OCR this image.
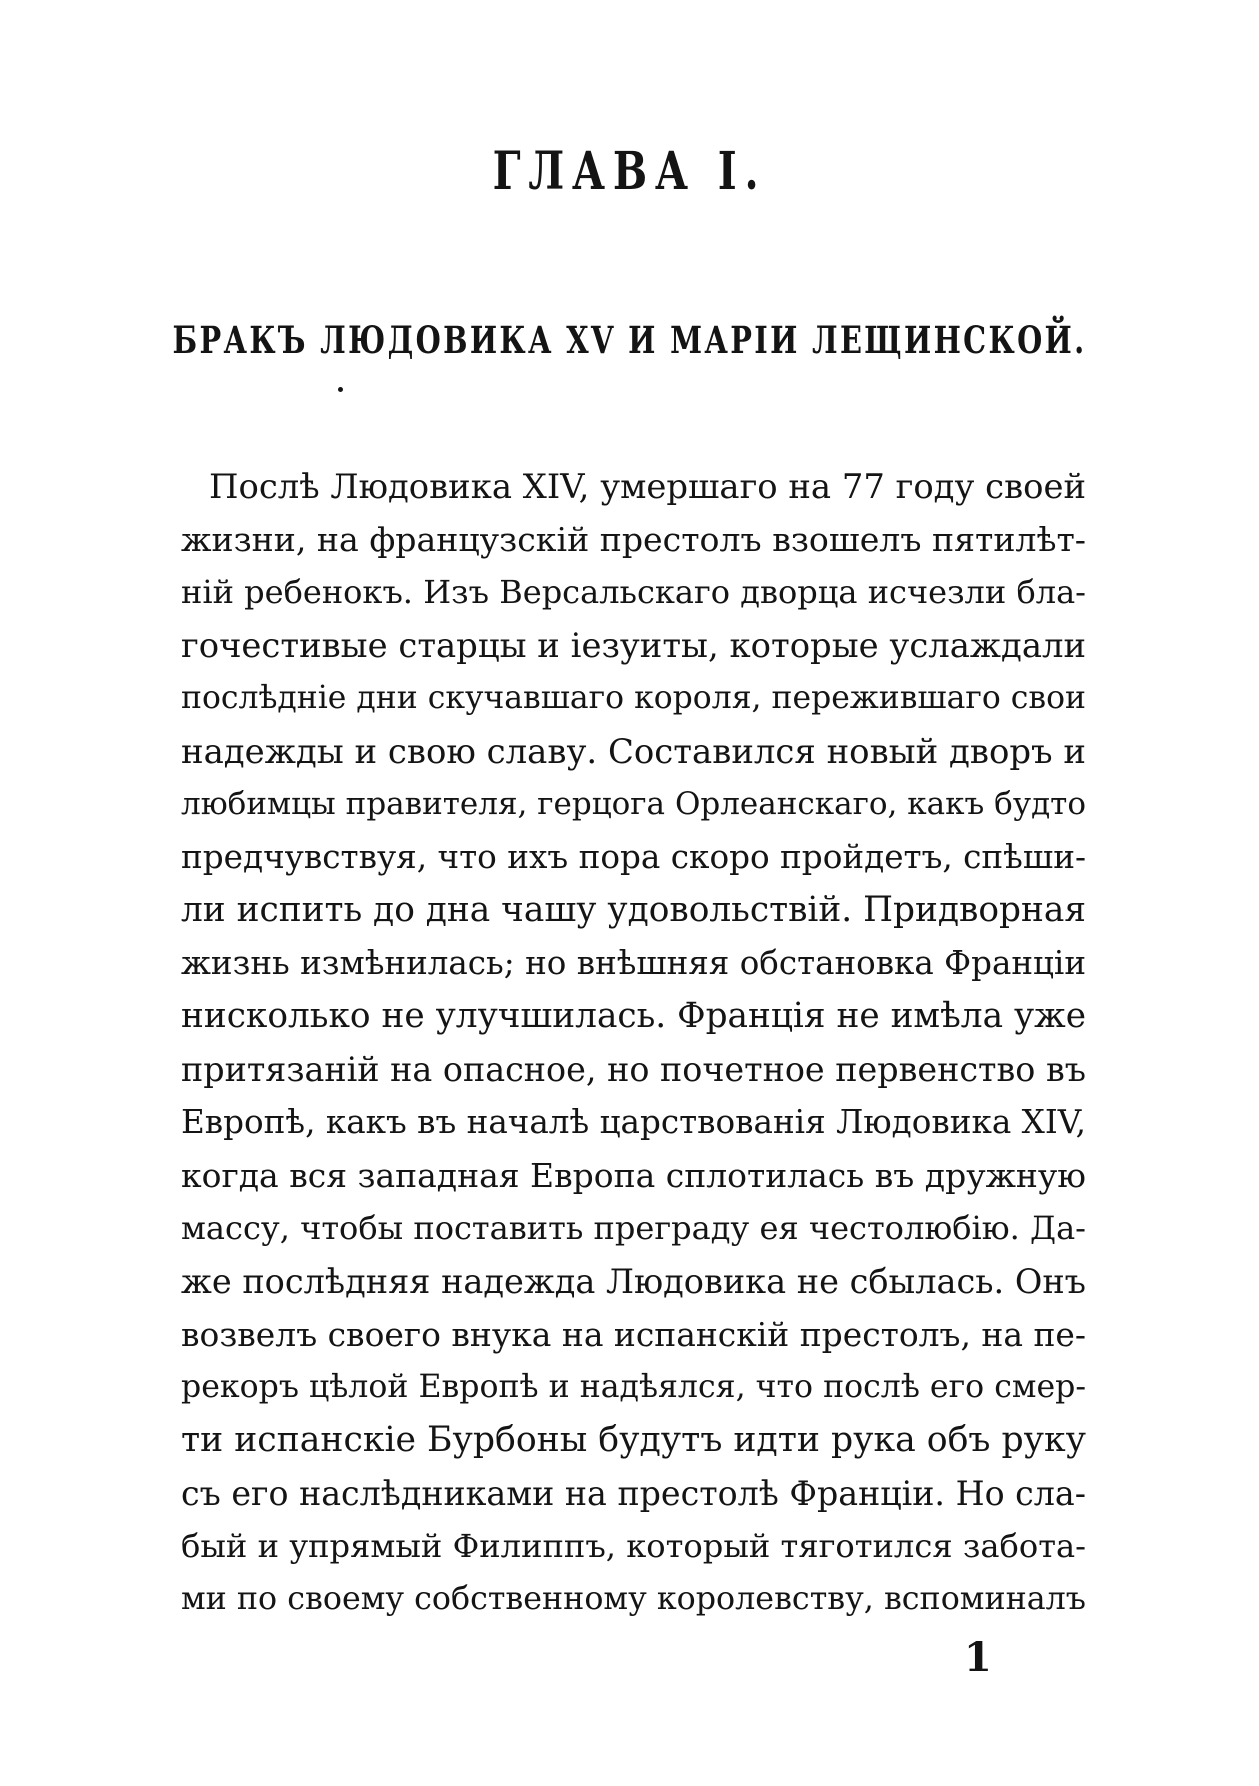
ГЛАВА І.
БРАКЪ ЛЮДОВИКА XV И МАРІИ ЛЕЩИНСКОЙ.
Послѣ Людовика XIV, умершаго на 77 году своей
жизни, на французскій престолъ взошелъ пятилѣт-
ній ребенокъ. Изъ Версальскаго дворца исчезли бла-
гочестивые старцы и іезуиты, которые услаждали
послѣдніе дни скучавшаго короля, пережившаго свои
надежды и свою славу. Составился новый дворъ и
любимцы правителя, герцога Орлеанскаго, какъ будто
предчувствуя, что ихъ пора скоро пройдетъ, спѣши-
ли испить до дна чашу удовольствій. Придворная
жизнь измѣнилась; но внѣшняя обстановка Франціи
нисколько не улучшилась. Франція не имѣла уже
притязаній на опасное, но почетное первенство въ
Европѣ, какъ въ началѣ царствованія Людовика XIV,
когда вся западная Европа сплотилась въ дружную
массу, чтобы поставить преграду ея честолюбію. Да-
же послѣдняя надежда Людовика не сбылась. Онъ
возвелъ своего внука на испанскій престолъ, на пе-
рекоръ цѣлой Европѣ и надѣялся, что послѣ его смер-
ти испанскіе Бурбоны будутъ идти рука объ руку
съ его наслѣдниками на престолѣ Франціи. Но сла-
бый и упрямый Филиппъ, который тяготился забота-
ми по своему собственному королевству, вспоминалъ
1
